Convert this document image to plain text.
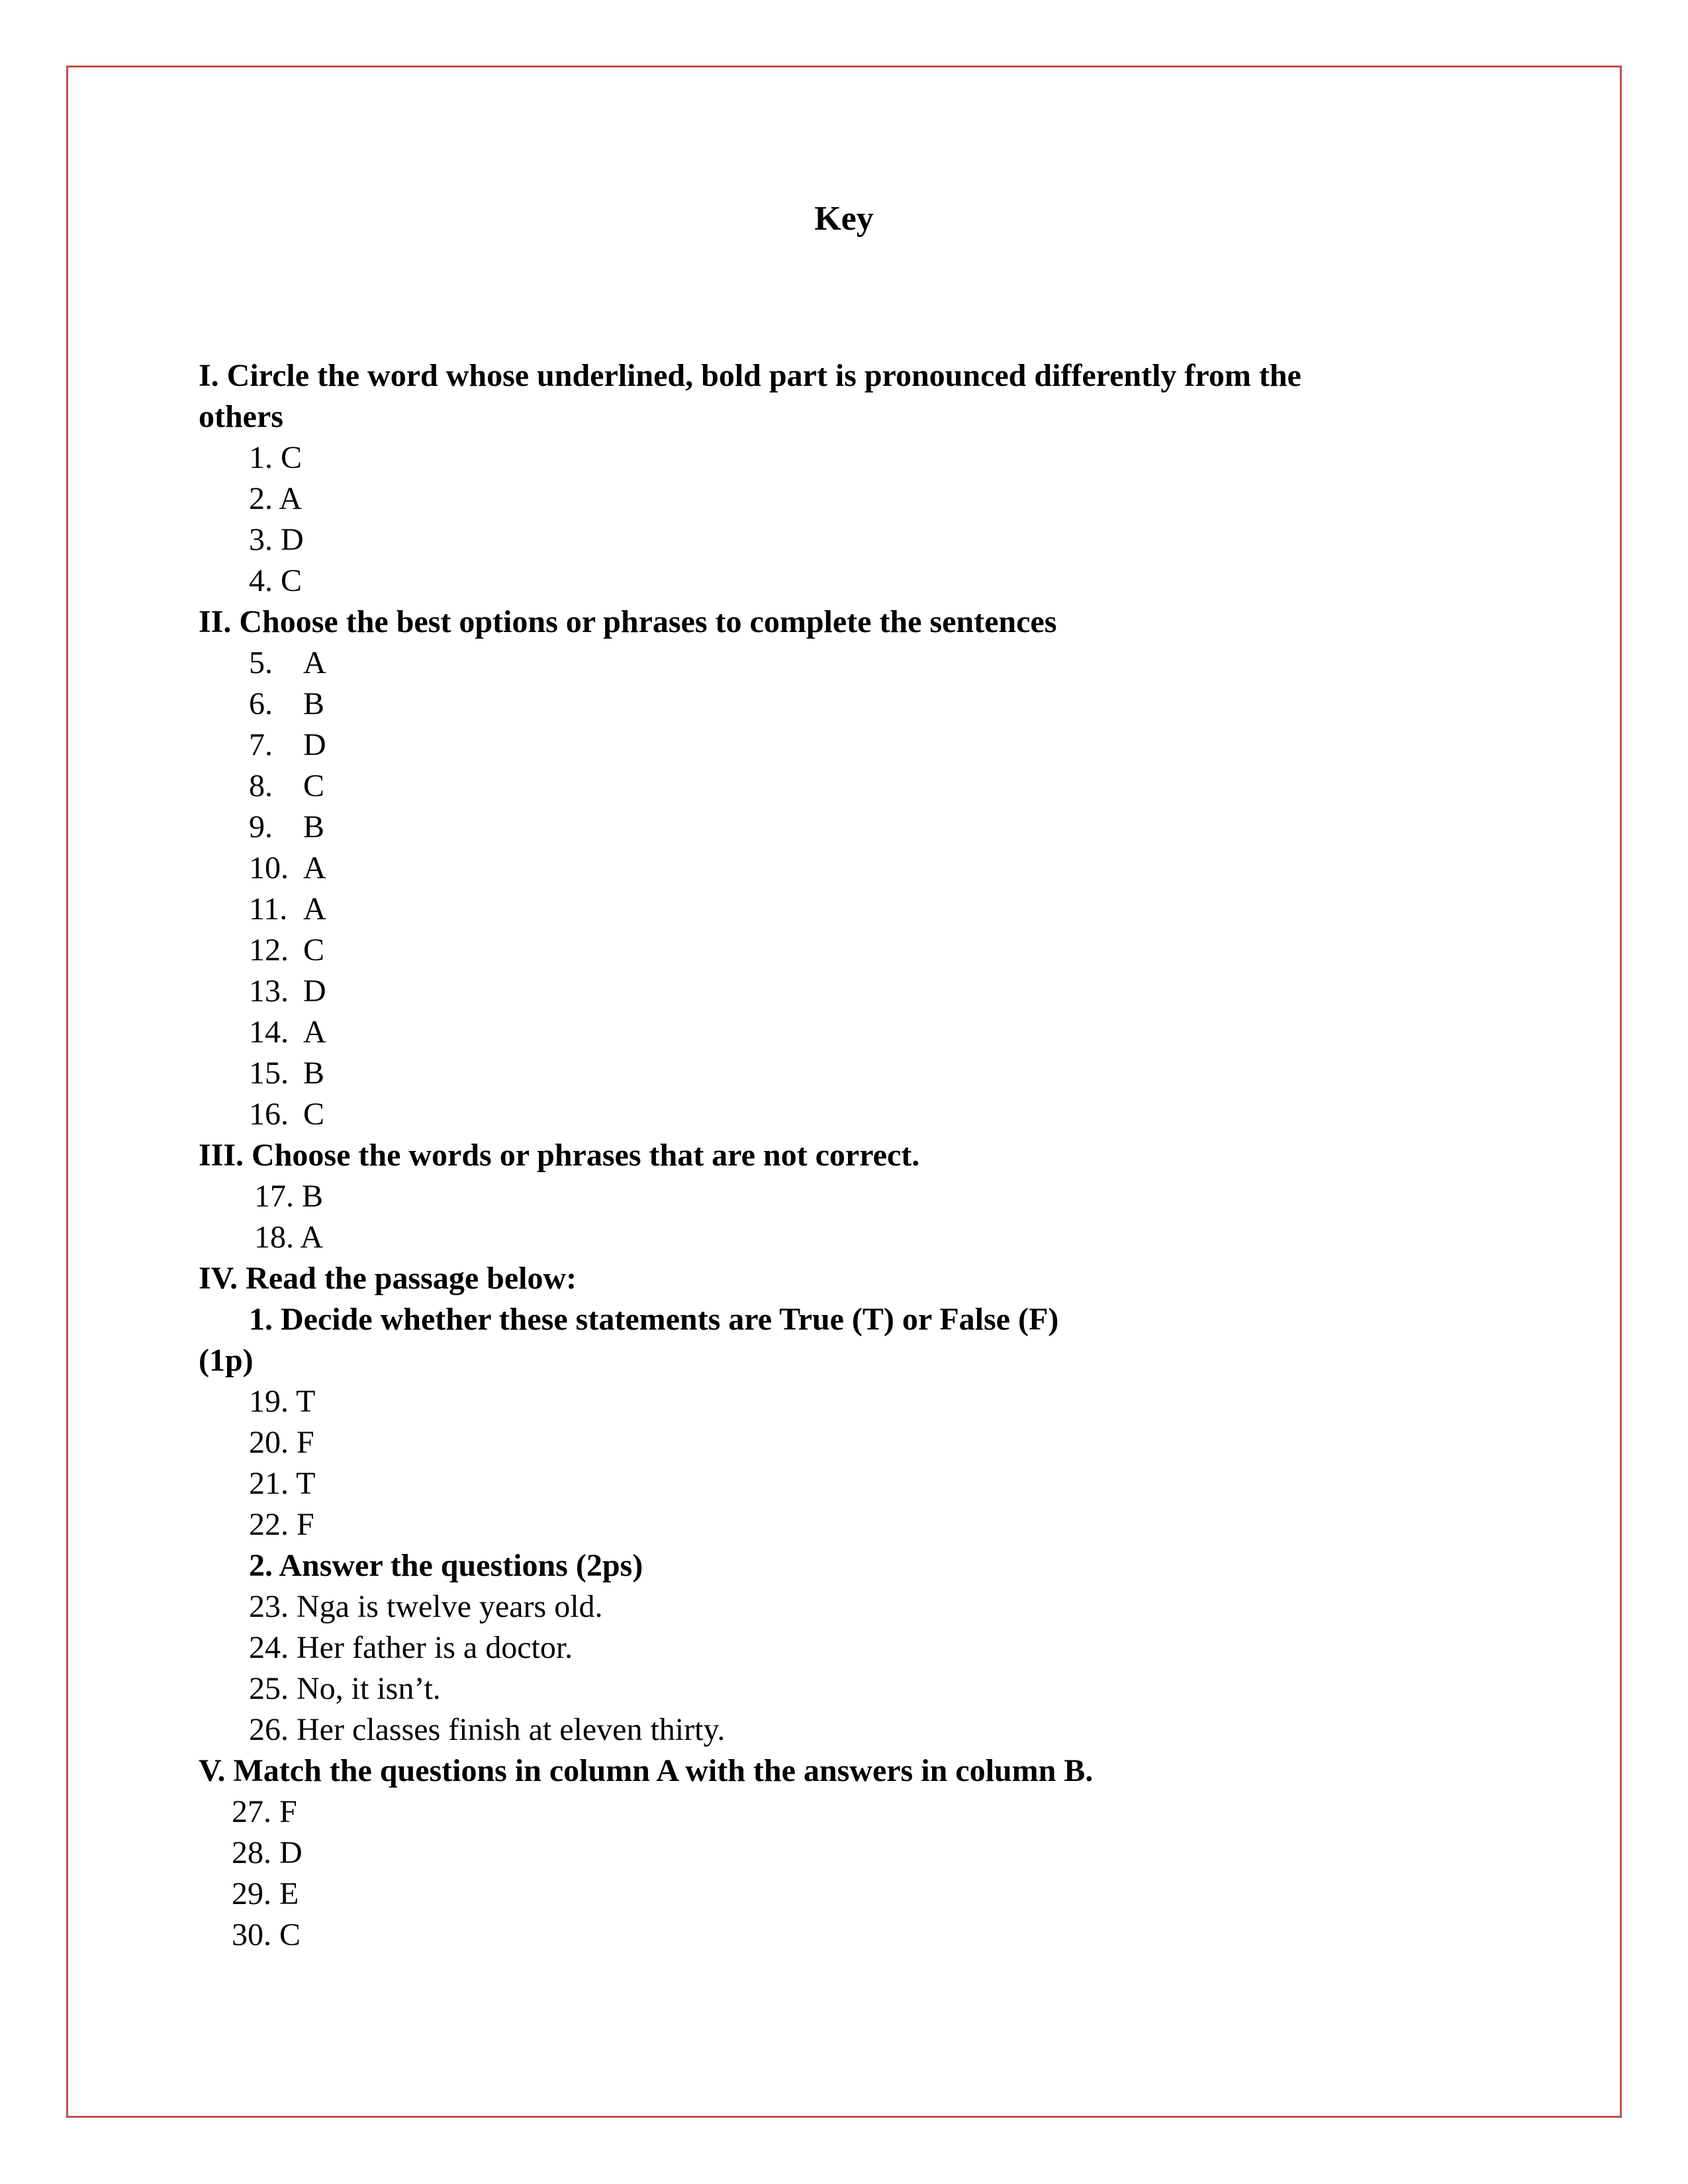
Key
I. Circle the word whose underlined, bold part is pronounced differently from the
others
1. C
2. A
3. D
4. C
II. Choose the best options or phrases to complete the sentences
5. A
6. B
7. D
8. C
9. B
10. A
11. A
12. C
13. D
14. A
15. B
16. C
III. Choose the words or phrases that are not correct.
17. B
18. A
IV. Read the passage below:
1. Decide whether these statements are True (T) or False (F)
(1p)
19. T
20. F
21. T
22. F
2. Answer the questions (2ps)
23. Nga is twelve years old.
24. Her father is a doctor.
25. No, it isn’t.
26. Her classes finish at eleven thirty.
V. Match the questions in column A with the answers in column B.
27. F
28. D
29. E
30. C
